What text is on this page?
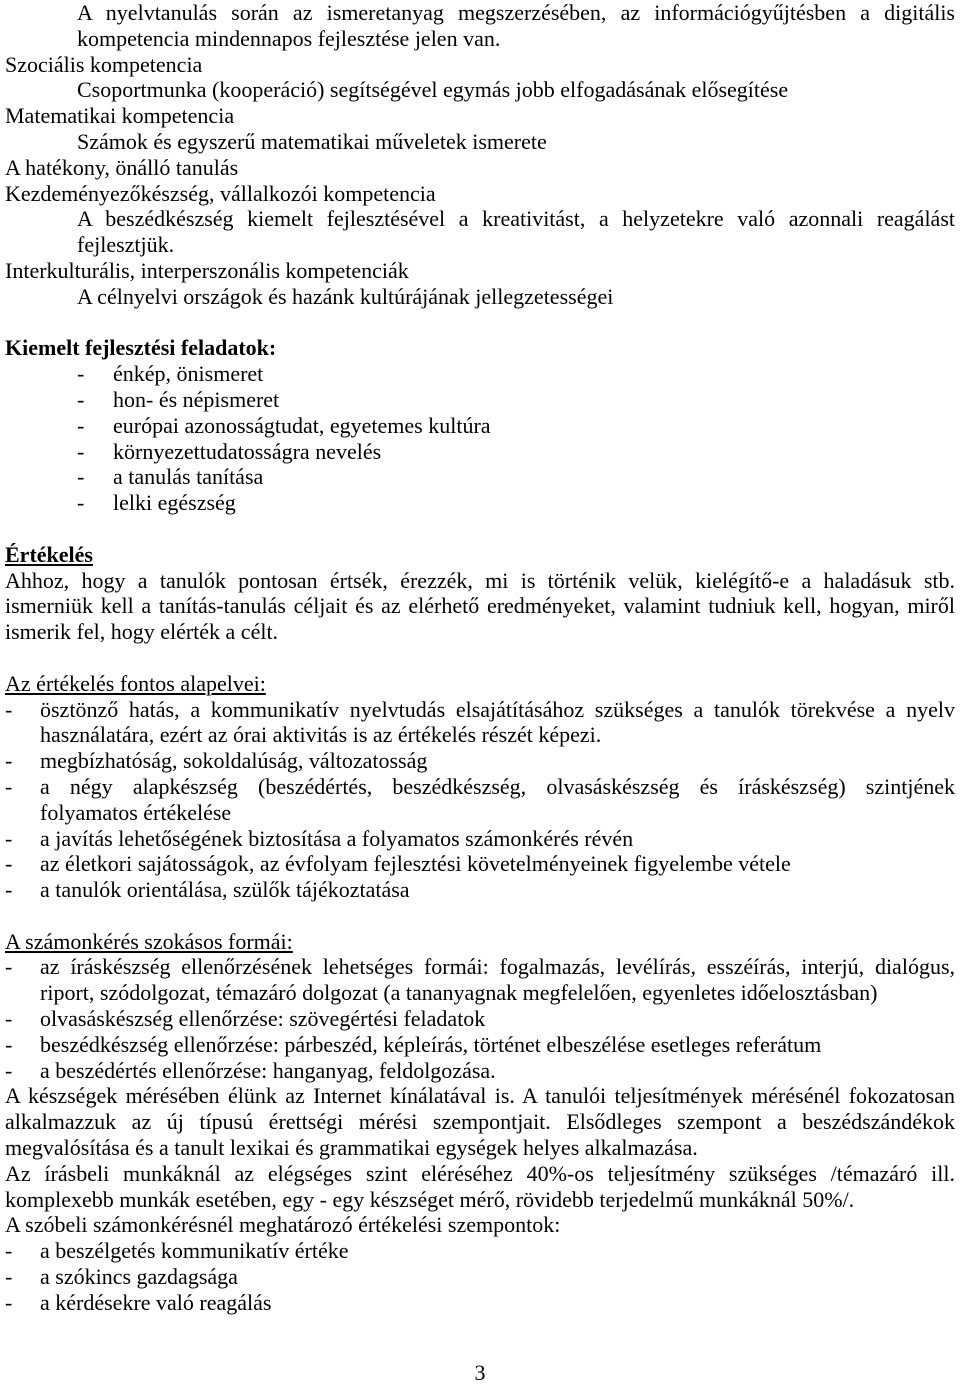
A nyelvtanulás során az ismeretanyag megszerzésében, az információgyűjtésben a digitális
kompetencia mindennapos fejlesztése jelen van.
Szociális kompetencia
Csoportmunka (kooperáció) segítségével egymás jobb elfogadásának elősegítése
Matematikai kompetencia
Számok és egyszerű matematikai műveletek ismerete
A hatékony, önálló tanulás
Kezdeményezőkészség, vállalkozói kompetencia
A beszédkészség kiemelt fejlesztésével a kreativitást, a helyzetekre való azonnali reagálást
fejlesztjük.
Interkulturális, interperszonális kompetenciák
A célnyelvi országok és hazánk kultúrájának jellegzetességei
Kiemelt fejlesztési feladatok:
- énkép, önismeret
- hon- és népismeret
- európai azonosságtudat, egyetemes kultúra
- környezettudatosságra nevelés
- a tanulás tanítása
- lelki egészség
Értékelés
Ahhoz, hogy a tanulók pontosan értsék, érezzék, mi is történik velük, kielégítő-e a haladásuk stb.
ismerniük kell a tanítás-tanulás céljait és az elérhető eredményeket, valamint tudniuk kell, hogyan, miről
ismerik fel, hogy elérték a célt.
Az értékelés fontos alapelvei:
- ösztönző hatás, a kommunikatív nyelvtudás elsajátításához szükséges a tanulók törekvése a nyelv
használatára, ezért az órai aktivitás is az értékelés részét képezi.
- megbízhatóság, sokoldalúság, változatosság
- a négy alapkészség (beszédértés, beszédkészség, olvasáskészség és íráskészség) szintjének
folyamatos értékelése
- a javítás lehetőségének biztosítása a folyamatos számonkérés révén
- az életkori sajátosságok, az évfolyam fejlesztési követelményeinek figyelembe vétele
- a tanulók orientálása, szülők tájékoztatása
A számonkérés szokásos formái:
- az íráskészség ellenőrzésének lehetséges formái: fogalmazás, levélírás, esszéírás, interjú, dialógus,
riport, szódolgozat, témazáró dolgozat (a tananyagnak megfelelően, egyenletes időelosztásban)
- olvasáskészség ellenőrzése: szövegértési feladatok
- beszédkészség ellenőrzése: párbeszéd, képleírás, történet elbeszélése esetleges referátum
- a beszédértés ellenőrzése: hanganyag, feldolgozása.
A készségek mérésében élünk az Internet kínálatával is. A tanulói teljesítmények mérésénél fokozatosan
alkalmazzuk az új típusú érettségi mérési szempontjait. Elsődleges szempont a beszédszándékok
megvalósítása és a tanult lexikai és grammatikai egységek helyes alkalmazása.
Az írásbeli munkáknál az elégséges szint eléréséhez 40%-os teljesítmény szükséges /témazáró ill.
komplexebb munkák esetében, egy - egy készséget mérő, rövidebb terjedelmű munkáknál 50%/.
A szóbeli számonkérésnél meghatározó értékelési szempontok:
- a beszélgetés kommunikatív értéke
- a szókincs gazdagsága
- a kérdésekre való reagálás
3
